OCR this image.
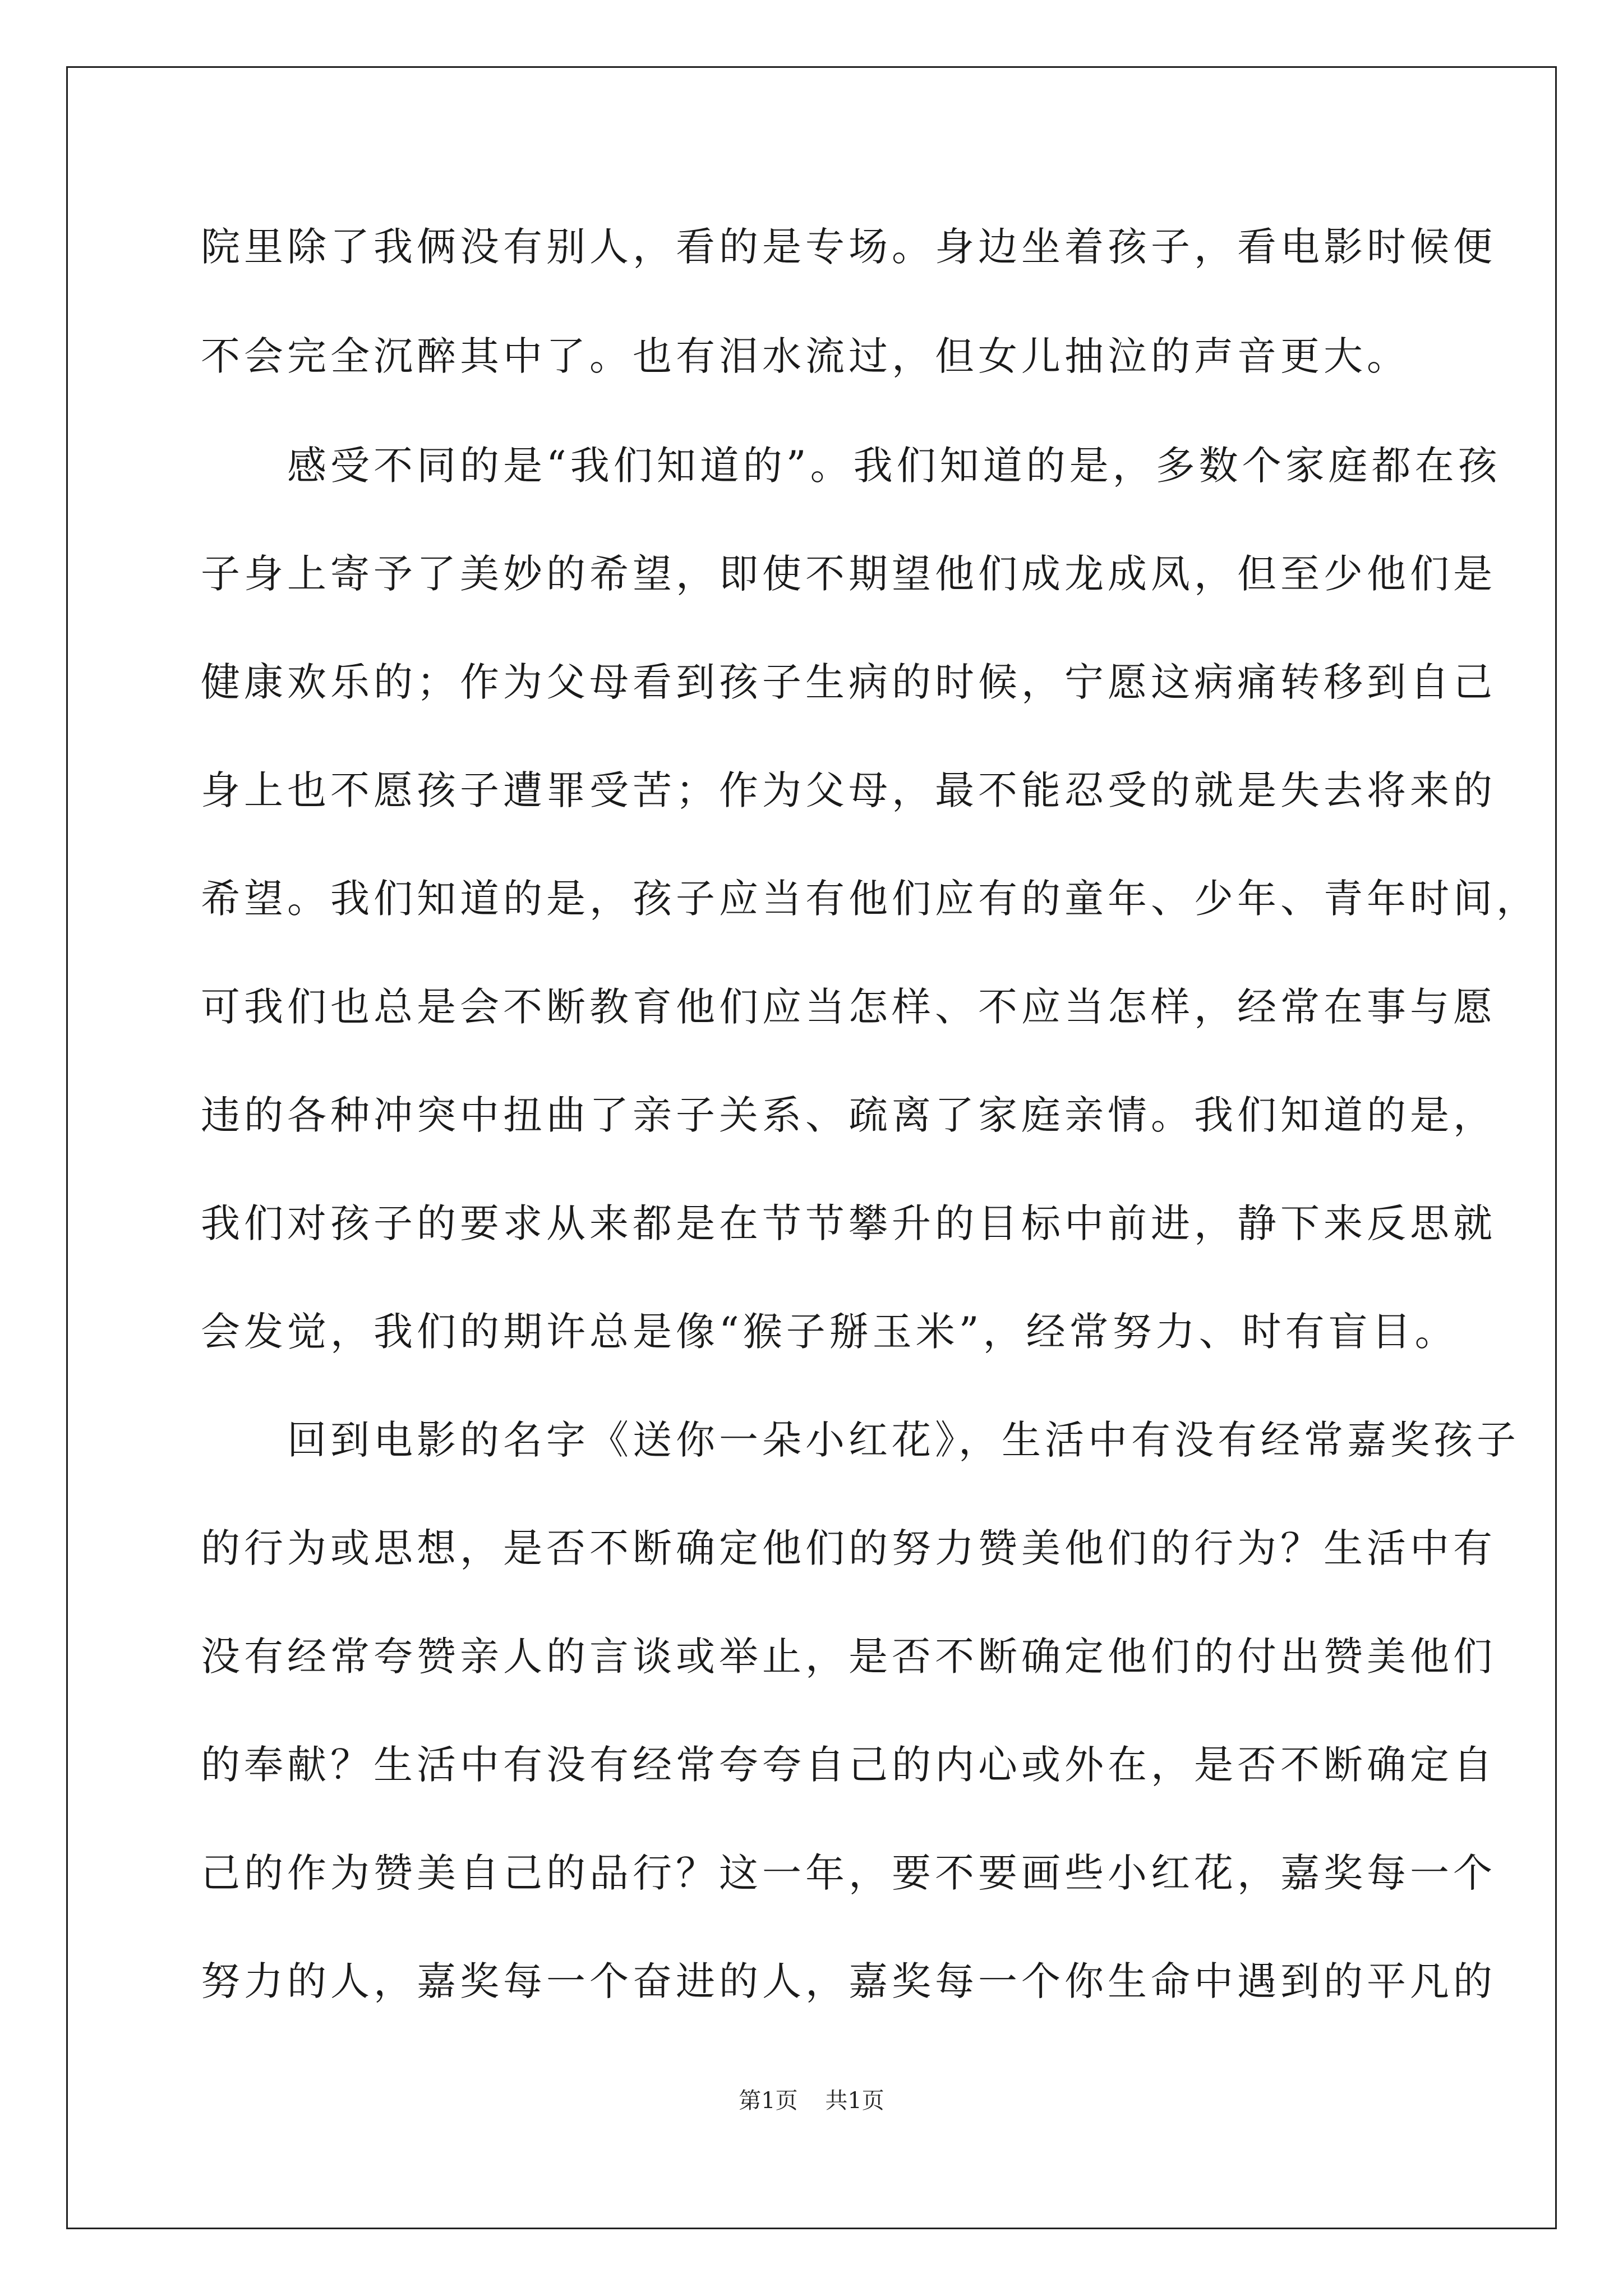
院里除了我俩没有别人，看的是专场。身边坐着孩子，看电影时候便
不会完全沉醉其中了。也有泪水流过，但女儿抽泣的声音更大。
　　感受不同的是“我们知道的”。我们知道的是，多数个家庭都在孩
子身上寄予了美妙的希望，即使不期望他们成龙成凤，但至少他们是
健康欢乐的；作为父母看到孩子生病的时候，宁愿这病痛转移到自己
身上也不愿孩子遭罪受苦；作为父母，最不能忍受的就是失去将来的
希望。我们知道的是，孩子应当有他们应有的童年、少年、青年时间，
可我们也总是会不断教育他们应当怎样、不应当怎样，经常在事与愿
违的各种冲突中扭曲了亲子关系、疏离了家庭亲情。我们知道的是，
我们对孩子的要求从来都是在节节攀升的目标中前进，静下来反思就
会发觉，我们的期许总是像“猴子掰玉米”，经常努力、时有盲目。
　　回到电影的名字《送你一朵小红花》，生活中有没有经常嘉奖孩子
的行为或思想，是否不断确定他们的努力赞美他们的行为？生活中有
没有经常夸赞亲人的言谈或举止，是否不断确定他们的付出赞美他们
的奉献？生活中有没有经常夸夸自己的内心或外在，是否不断确定自
己的作为赞美自己的品行？这一年，要不要画些小红花，嘉奖每一个
努力的人，嘉奖每一个奋进的人，嘉奖每一个你生命中遇到的平凡的
第1页 共1页
